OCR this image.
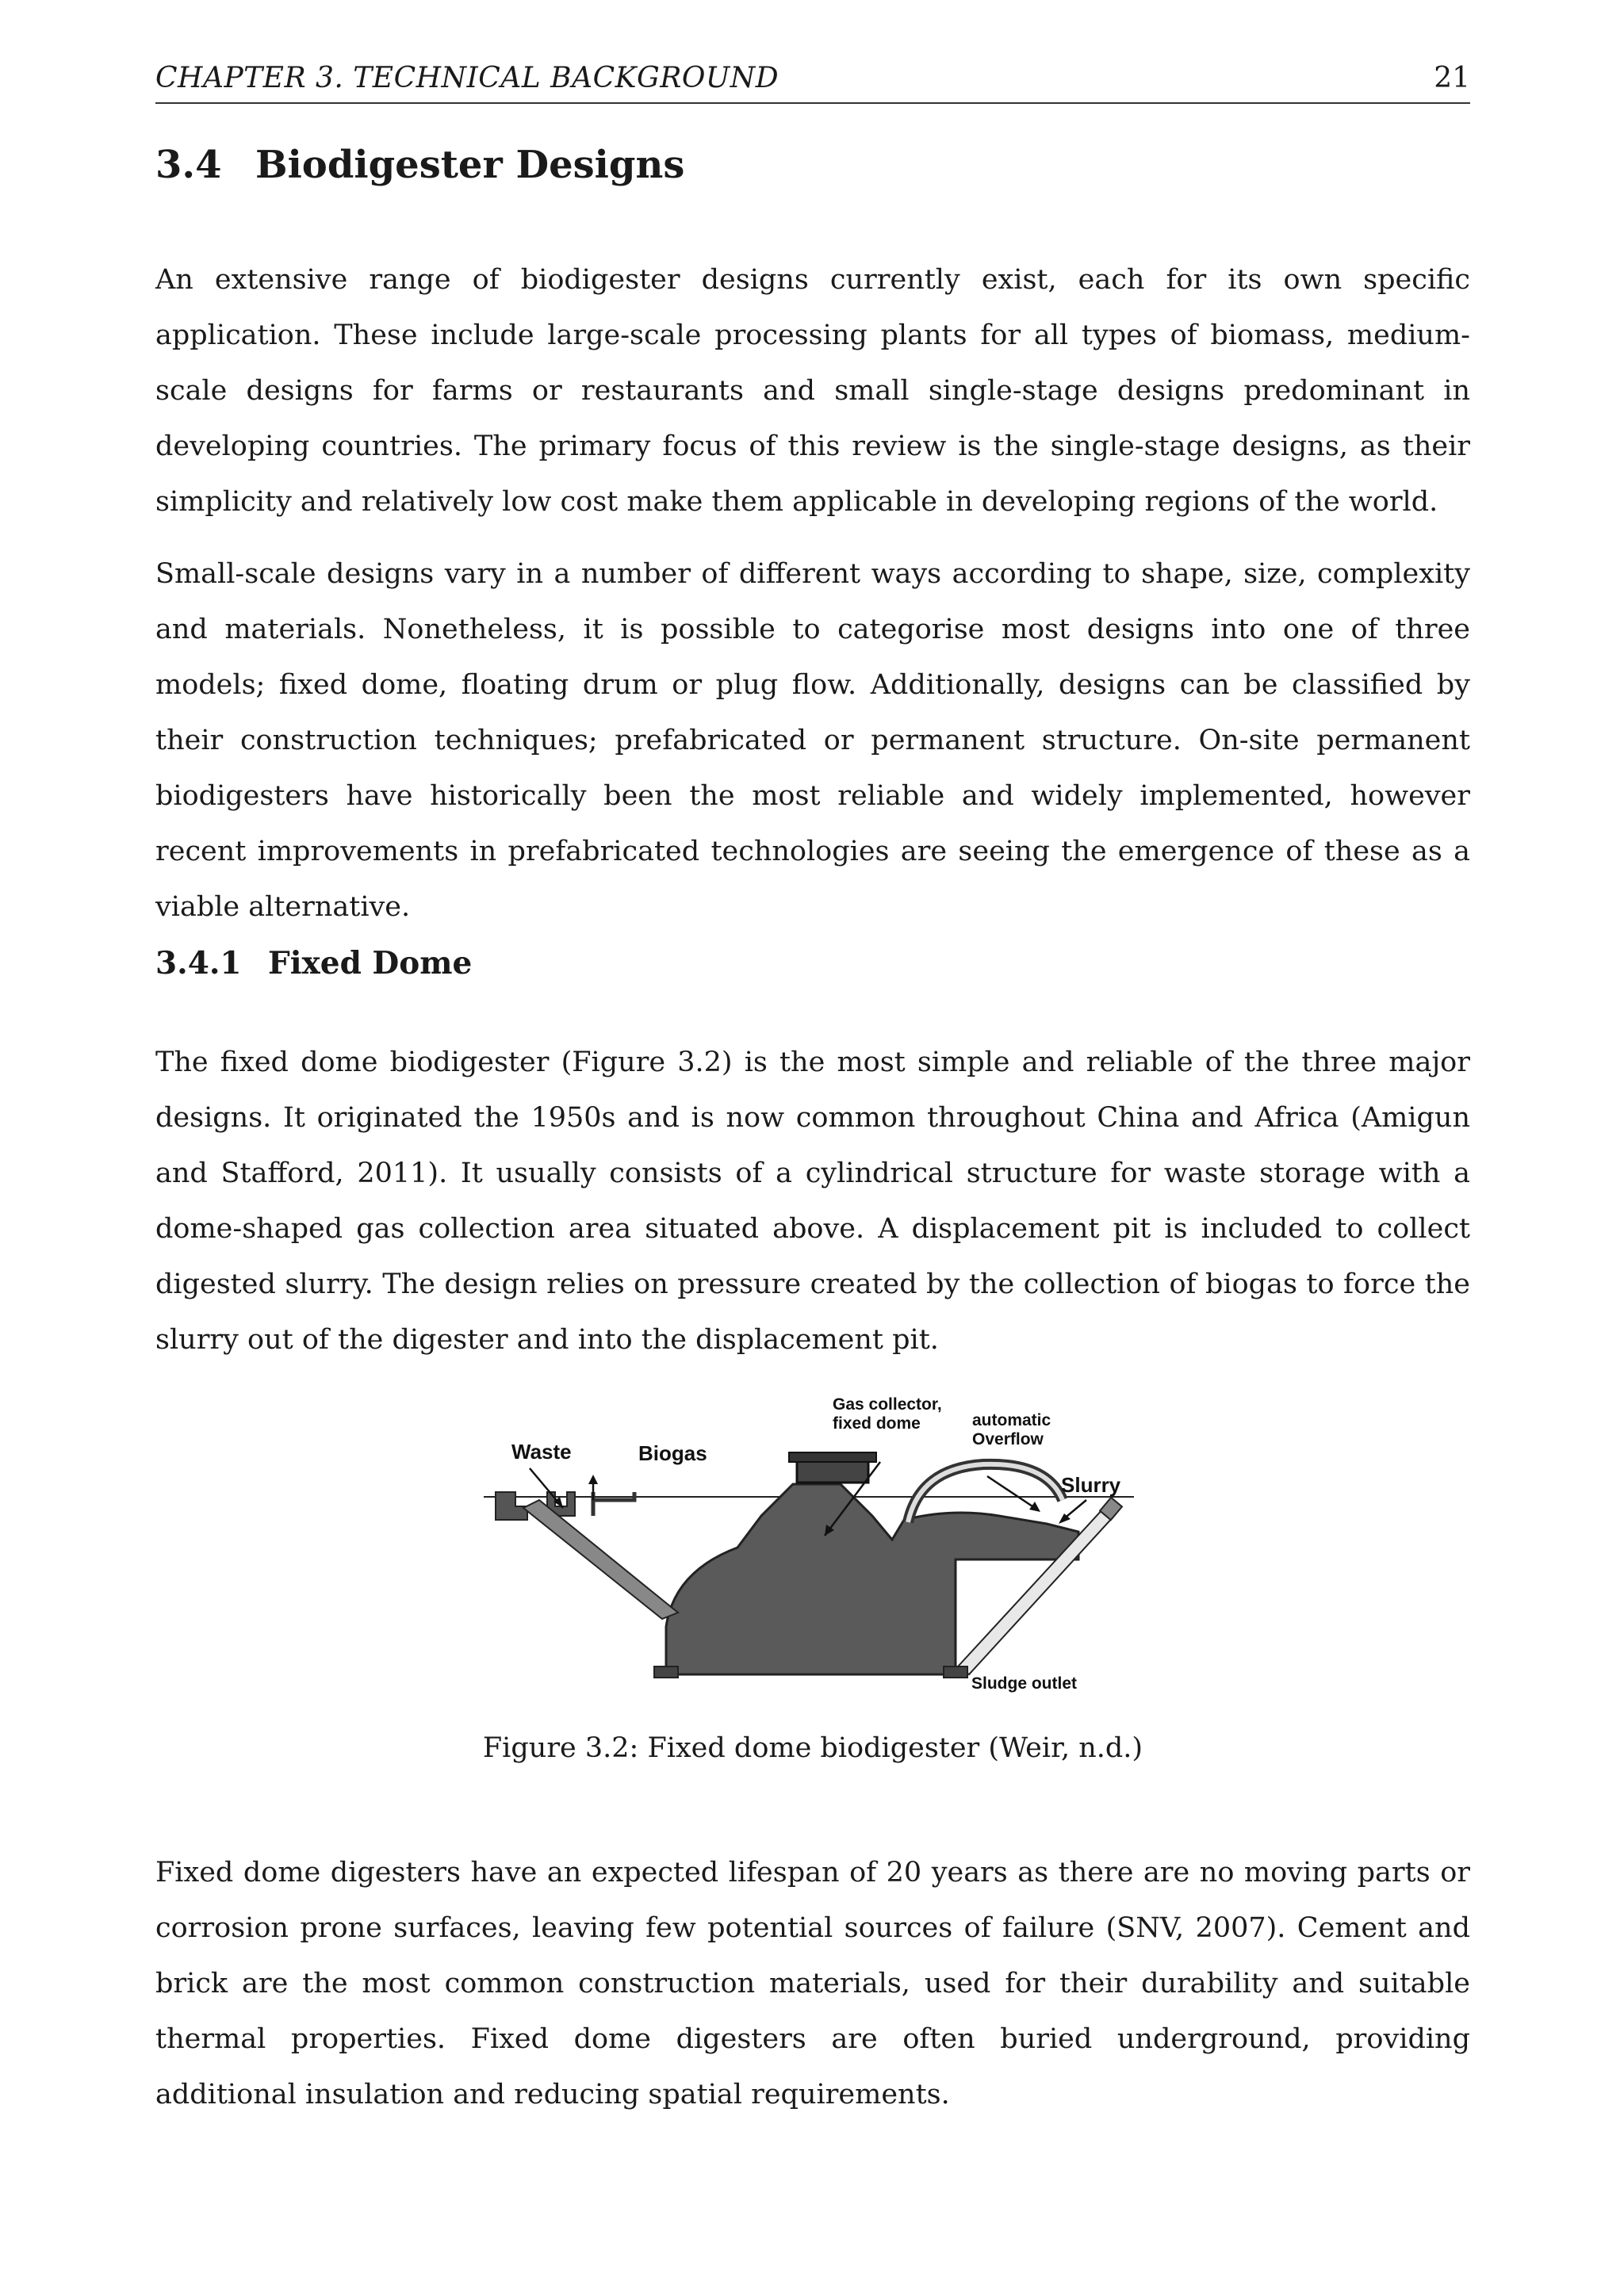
CHAPTER 3. TECHNICAL BACKGROUND	21
3.4 Biodigester Designs

An extensive range of biodigester designs currently exist, each for its own specific application. These include large-scale processing plants for all types of biomass, medium-scale designs for farms or restaurants and small single-stage designs predominant in developing countries. The primary focus of this review is the single-stage designs, as their simplicity and relatively low cost make them applicable in developing regions of the world.

Small-scale designs vary in a number of different ways according to shape, size, complexity and materials. Nonetheless, it is possible to categorise most designs into one of three models; fixed dome, floating drum or plug flow. Additionally, designs can be classified by their construction techniques; prefabricated or permanent structure. On-site permanent biodigesters have historically been the most reliable and widely implemented, however recent improvements in prefabricated technologies are seeing the emergence of these as a viable alternative.

3.4.1 Fixed Dome

The fixed dome biodigester (Figure 3.2) is the most simple and reliable of the three major designs. It originated the 1950s and is now common throughout China and Africa (Amigun and Stafford, 2011). It usually consists of a cylindrical structure for waste storage with a dome-shaped gas collection area situated above. A displacement pit is included to collect digested slurry. The design relies on pressure created by the collection of biogas to force the slurry out of the digester and into the displacement pit.

Waste	Biogas
Gas collector,
fixed dome	automatic
Overflow
Slurry
Sludge outlet
Figure 3.2: Fixed dome biodigester (Weir, n.d.)

Fixed dome digesters have an expected lifespan of 20 years as there are no moving parts or corrosion prone surfaces, leaving few potential sources of failure (SNV, 2007). Cement and brick are the most common construction materials, used for their durability and suitable thermal properties. Fixed dome digesters are often buried underground, providing additional insulation and reducing spatial requirements.
